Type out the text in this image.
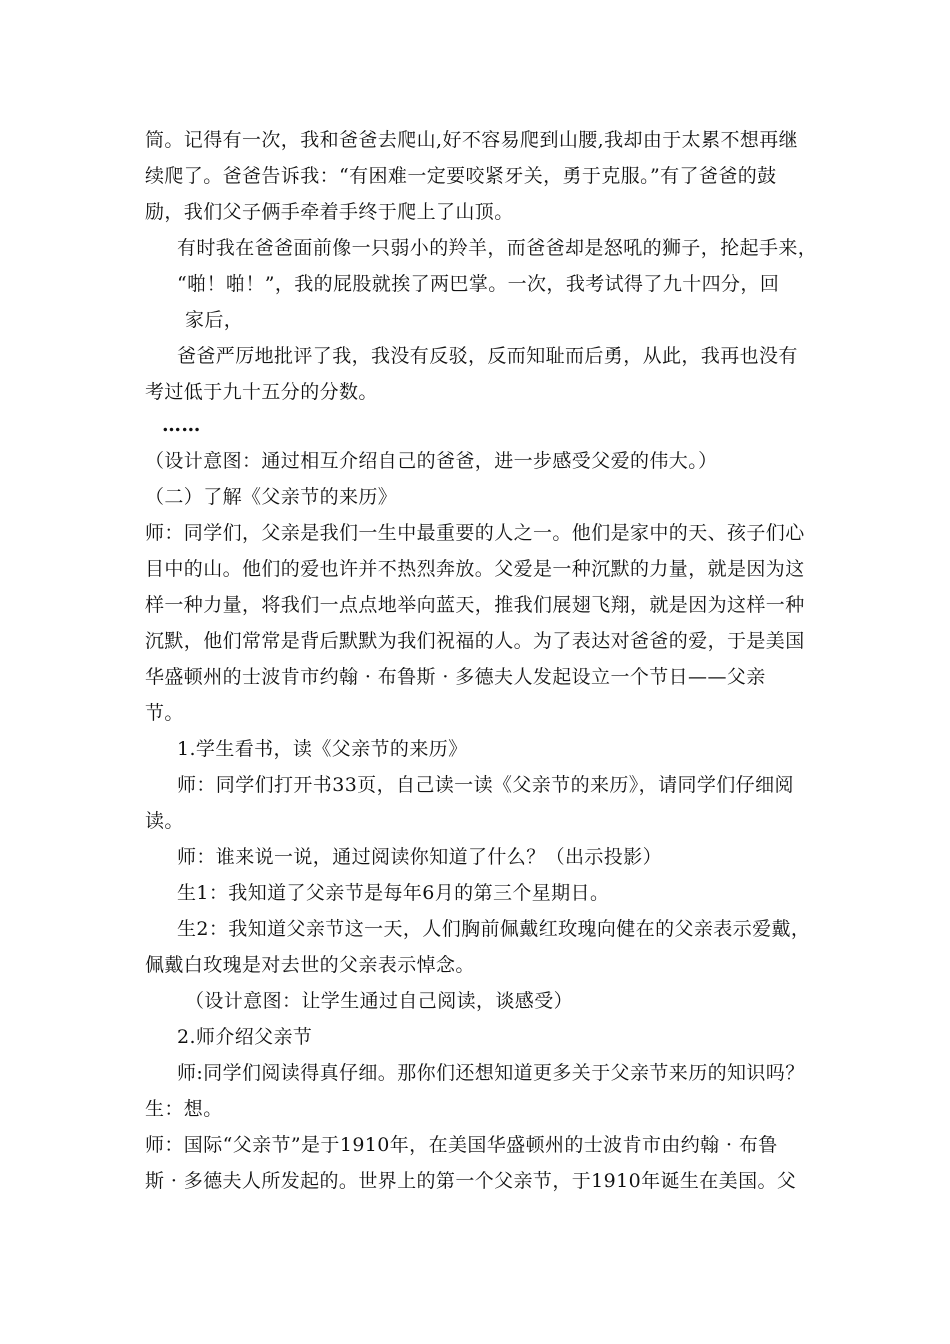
筒。记得有一次，我和爸爸去爬山,好不容易爬到山腰,我却由于太累不想再继
续爬了。爸爸告诉我：“有困难一定要咬紧牙关，勇于克服。”有了爸爸的鼓
励，我们父子俩手牵着手终于爬上了山顶。
有时我在爸爸面前像一只弱小的羚羊，而爸爸却是怒吼的狮子，抡起手来，
“啪！啪！”，我的屁股就挨了两巴掌。一次，我考试得了九十四分，回
家后，
爸爸严厉地批评了我，我没有反驳，反而知耻而后勇，从此，我再也没有
考过低于九十五分的分数。
……
（设计意图：通过相互介绍自己的爸爸，进一步感受父爱的伟大。）
（二）了解《父亲节的来历》
师：同学们，父亲是我们一生中最重要的人之一。他们是家中的天、孩子们心
目中的山。他们的爱也许并不热烈奔放。父爱是一种沉默的力量，就是因为这
样一种力量，将我们一点点地举向蓝天，推我们展翅飞翔，就是因为这样一种
沉默，他们常常是背后默默为我们祝福的人。为了表达对爸爸的爱，于是美国
华盛顿州的士波肯市约翰 · 布鲁斯 · 多德夫人发起设立一个节日——父亲
节。
1.学生看书，读《父亲节的来历》
师：同学们打开书33页，自己读一读《父亲节的来历》，请同学们仔细阅
读。
师：谁来说一说，通过阅读你知道了什么？（出示投影）
生1：我知道了父亲节是每年6月的第三个星期日。
生2：我知道父亲节这一天，人们胸前佩戴红玫瑰向健在的父亲表示爱戴，
佩戴白玫瑰是对去世的父亲表示悼念。
（设计意图：让学生通过自己阅读，谈感受）
2.师介绍父亲节
师:同学们阅读得真仔细。那你们还想知道更多关于父亲节来历的知识吗？
生：想。
师：国际“父亲节”是于1910年，在美国华盛顿州的士波肯市由约翰 · 布鲁
斯 · 多德夫人所发起的。世界上的第一个父亲节，于1910年诞生在美国。父
